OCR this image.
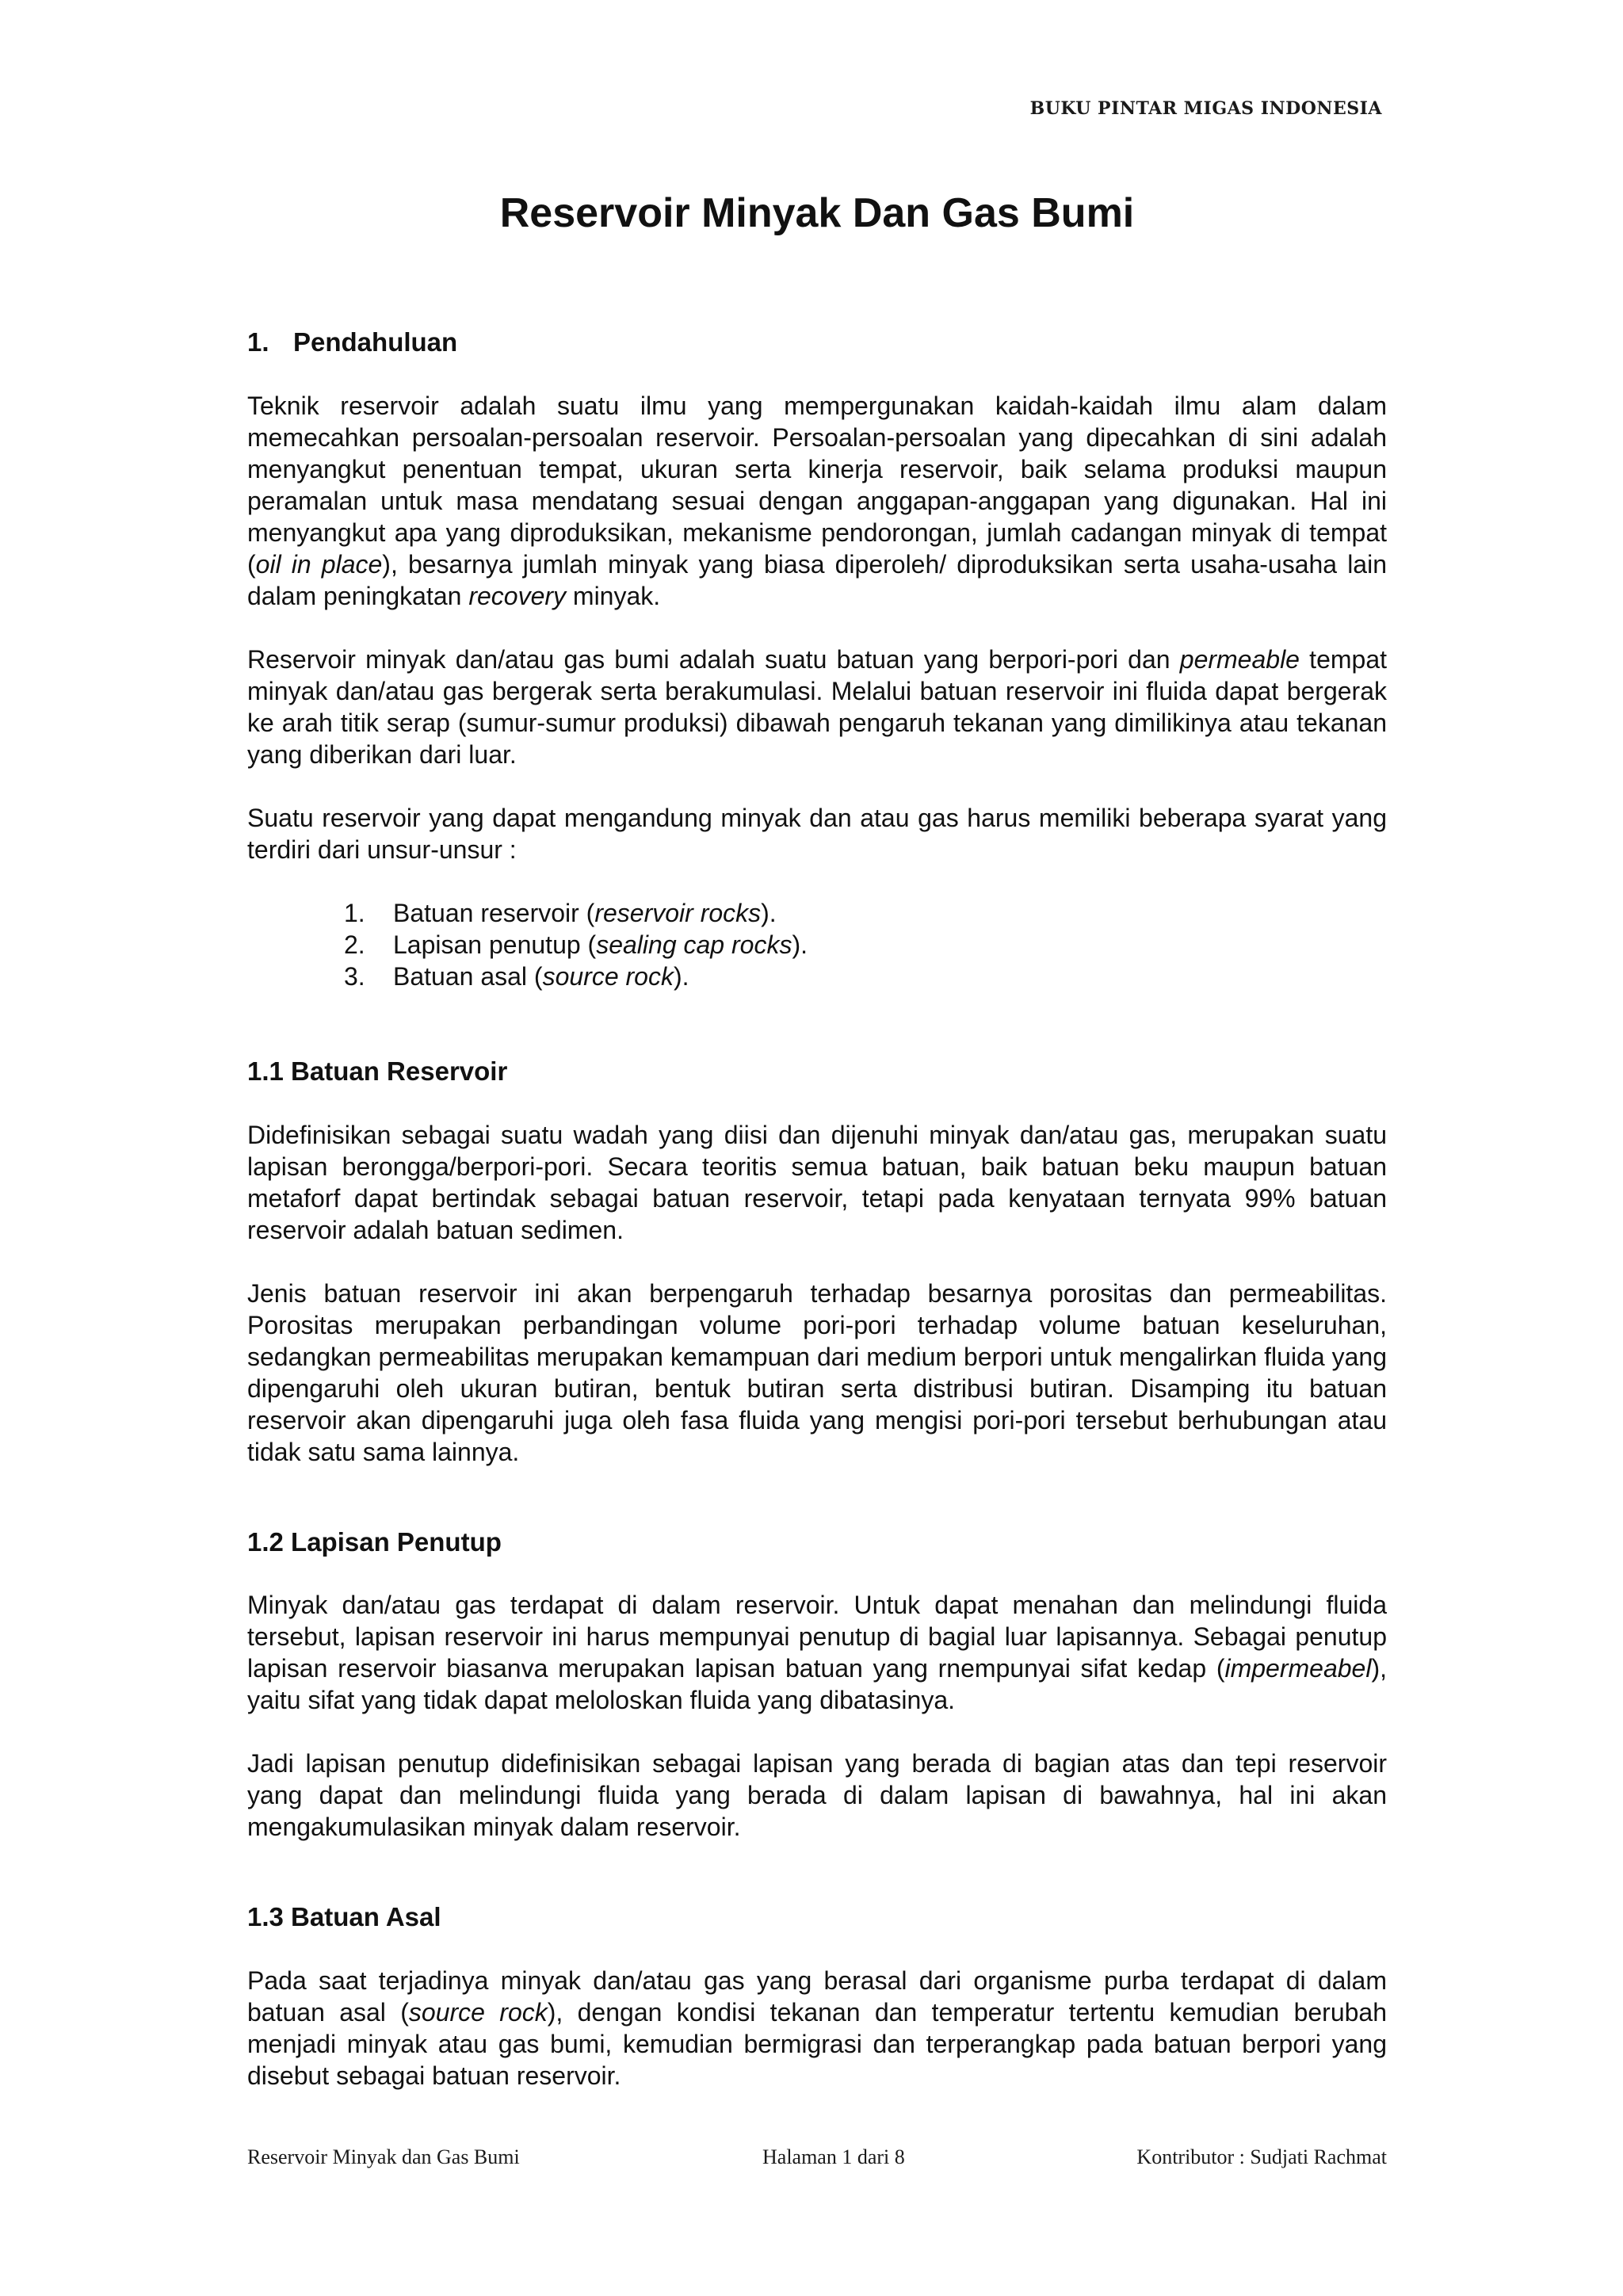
BUKU PINTAR MIGAS INDONESIA
Reservoir Minyak Dan Gas Bumi
1. Pendahuluan

Teknik reservoir adalah suatu ilmu yang mempergunakan kaidah-kaidah ilmu alam dalam memecahkan persoalan-persoalan reservoir. Persoalan-persoalan yang dipecahkan di sini adalah menyangkut penentuan tempat, ukuran serta kinerja reservoir, baik selama produksi maupun peramalan untuk masa mendatang sesuai dengan anggapan-anggapan yang digunakan. Hal ini menyangkut apa yang diproduksikan, mekanisme pendorongan, jumlah cadangan minyak di tempat (oil in place), besarnya jumlah minyak yang biasa diperoleh/ diproduksikan serta usaha-usaha lain dalam peningkatan recovery minyak.

Reservoir minyak dan/atau gas bumi adalah suatu batuan yang berpori-pori dan permeable tempat minyak dan/atau gas bergerak serta berakumulasi. Melalui batuan reservoir ini fluida dapat bergerak ke arah titik serap (sumur-sumur produksi) dibawah pengaruh tekanan yang dimilikinya atau tekanan yang diberikan dari luar.

Suatu reservoir yang dapat mengandung minyak dan atau gas harus memiliki beberapa syarat yang terdiri dari unsur-unsur :

1. Batuan reservoir (reservoir rocks).
2. Lapisan penutup (sealing cap rocks).
3. Batuan asal (source rock).
1.1 Batuan Reservoir

Didefinisikan sebagai suatu wadah yang diisi dan dijenuhi minyak dan/atau gas, merupakan suatu lapisan berongga/berpori-pori. Secara teoritis semua batuan, baik batuan beku maupun batuan metaforf dapat bertindak sebagai batuan reservoir, tetapi pada kenyataan ternyata 99% batuan reservoir adalah batuan sedimen.

Jenis batuan reservoir ini akan berpengaruh terhadap besarnya porositas dan permeabilitas. Porositas merupakan perbandingan volume pori-pori terhadap volume batuan keseluruhan, sedangkan permeabilitas merupakan kemampuan dari medium berpori untuk mengalirkan fluida yang dipengaruhi oleh ukuran butiran, bentuk butiran serta distribusi butiran. Disamping itu batuan reservoir akan dipengaruhi juga oleh fasa fluida yang mengisi pori-pori tersebut berhubungan atau tidak satu sama lainnya.

1.2 Lapisan Penutup

Minyak dan/atau gas terdapat di dalam reservoir. Untuk dapat menahan dan melindungi fluida tersebut, lapisan reservoir ini harus mempunyai penutup di bagial luar lapisannya. Sebagai penutup lapisan reservoir biasanva merupakan lapisan batuan yang rnempunyai sifat kedap (impermeabel), yaitu sifat yang tidak dapat meloloskan fluida yang dibatasinya.

Jadi lapisan penutup didefinisikan sebagai lapisan yang berada di bagian atas dan tepi reservoir yang dapat dan melindungi fluida yang berada di dalam lapisan di bawahnya, hal ini akan mengakumulasikan minyak dalam reservoir.

1.3 Batuan Asal

Pada saat terjadinya minyak dan/atau gas yang berasal dari organisme purba terdapat di dalam batuan asal (source rock), dengan kondisi tekanan dan temperatur tertentu kemudian berubah menjadi minyak atau gas bumi, kemudian bermigrasi dan terperangkap pada batuan berpori yang disebut sebagai batuan reservoir.

Reservoir Minyak dan Gas Bumi	Halaman 1 dari 8	Kontributor : Sudjati Rachmat
